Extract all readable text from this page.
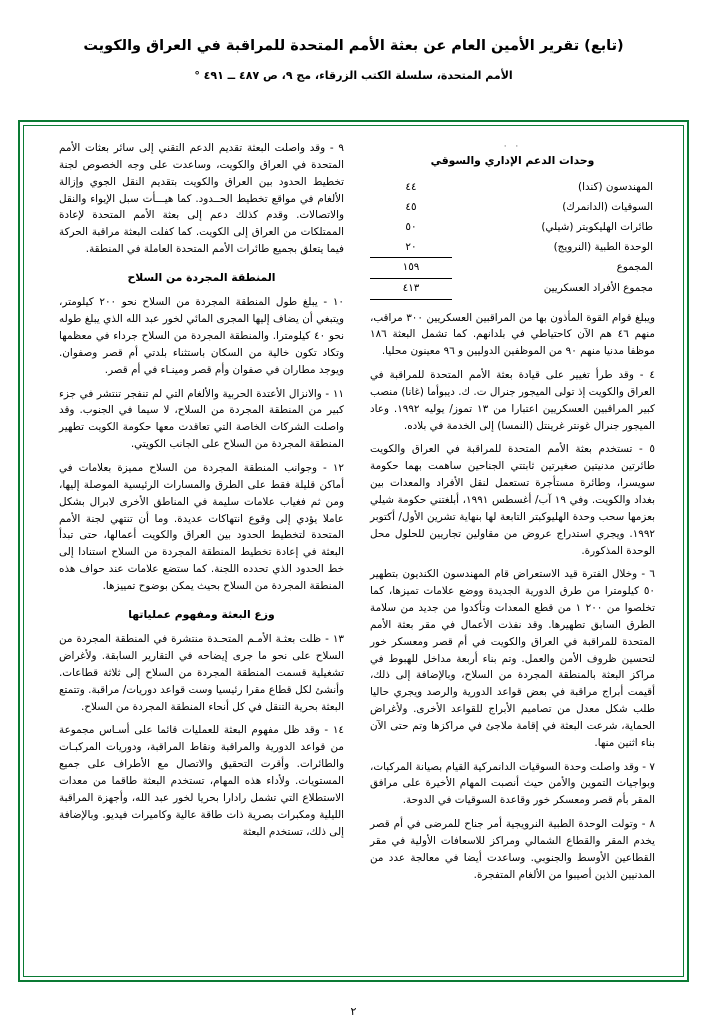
(تابع) تقرير الأمين العام عن بعثة الأمم المتحدة للمراقبة في العراق والكويت
الأمم المتحدة، سلسلة الكتب الزرقاء، مج ٩، ص ٤٨٧ ــ ٤٩١ °
· ·
وحدات الدعم الإداري والسوقي
المهندسون (كندا)	٤٤
السوقيات (الدانمرك)	٤٥
طائرات الهليكوبتر (شيلي)	٥٠
الوحدة الطبية (النرويج)	٢٠
المجموع	١٥٩
مجموع الأفراد العسكريين	٤١٣

ويبلغ قوام القوة المأذون بها من المراقبين العسكريين ٣٠٠ مراقب، منهم ٤٦ هم الآن كاحتياطي في بلدانهم. كما تشمل البعثة ١٨٦ موظفا مدنيا منهم ٩٠ من الموظفين الدوليين و ٩٦ معينون محليا.

٤ - وقد طرأ تغيير على قيادة بعثة الأمم المتحدة للمراقبة في العراق والكويت إذ تولى الميجور جنرال ت. ك. ديبوأما (غانا) منصب كبير المراقبين العسكريين اعتبارا من ١٣ تموز/ يوليه ١٩٩٢. وعاد الميجور جنرال غونتر غرينتل (النمسا) إلى الخدمة في بلاده.

٥ - تستخدم بعثة الأمم المتحدة للمراقبة في العراق والكويت طائرتين مدنيتين صغيرتين ثابتتي الجناحين ساهمت بهما حكومة سويسرا، وطائرة مستأجرة تستعمل لنقل الأفراد والمعدات بين بغداد والكويت. وفي ١٩ آب/ أغسطس ١٩٩١، أبلغتني حكومة شيلي بعزمها سحب وحدة الهليوكبتر التابعة لها بنهاية تشرين الأول/ أكتوبر ١٩٩٢. ويجري استدراج عروض من مقاولين تجاريين للحلول محل الوحدة المذكورة.

٦ - وخلال الفترة قيد الاستعراض قام المهندسون الكنديون بتطهير ٥٠ كيلومترا من طرق الدورية الجديدة ووضع علامات تميزها، كما تخلصوا من ٢٠٠ ١ من قطع المعدات وتأكدوا من جديد من سلامة الطرق السابق تطهيرها. وقد نفذت الأعمال في مقر بعثة الأمم المتحدة للمراقبة في العراق والكويت في أم قصر ومعسكر خور لتحسين ظروف الأمن والعمل. وتم بناء أربعة مداخل للهبوط في مراكز البعثة بالمنطقة المجردة من السلاح، وبالإضافة إلى ذلك، أقيمت أبراج مراقبة في بعض قواعد الدورية والرصد ويجري حاليا طلب شكل معدل من تصاميم الأبراج للقواعد الأخرى. ولأغراض الحماية، شرعت البعثة في إقامة ملاجئ في مراكزها وتم حتى الآن بناء اثنين منها.

٧ - وقد واصلت وحدة السوقيات الدانمركية القيام بصيانة المركبات، وبواجيات التموين والأمن حيث أنصبت المهام الأخيرة على مرافق المقر بأم قصر ومعسكر خور وقاعدة السوقيات في الدوحة.

٨ - وتولت الوحدة الطبية النرويجية أمر جناح للمرضى في أم قصر يخدم المقر والقطاع الشمالي ومراكز للاسعافات الأولية في مقر القطاعين الأوسط والجنوبي. وساعدت أيضا في معالجة عدد من المدنيين الذين أصيبوا من الألغام المتفجرة.

٩ - وقد واصلت البعثة تقديم الدعم التقني إلى سائر بعثات الأمم المتحدة في العراق والكويت، وساعدت على وجه الخصوص لجنة تخطيط الحدود بين العراق والكويت بتقديم النقل الجوي وإزالة الألغام في مواقع تخطيط الحــدود. كما هيـــأت سبل الإيواء والنقل والاتصالات. وقدم كذلك دعم إلى بعثة الأمم المتحدة لإعادة الممتلكات من العراق إلى الكويت. كما كفلت البعثة مراقبة الحركة فيما يتعلق بجميع طائرات الأمم المتحدة العاملة في المنطقة.

المنطقة المجردة من السلاح

١٠ - يبلغ طول المنطقة المجردة من السلاح نحو ٢٠٠ كيلومتر، ويتبغي أن يضاف إليها المجرى المائي لخور عبد الله الذي يبلغ طوله نحو ٤٠ كيلومترا. والمنطقة المجردة من السلاح جرداء في معظمها وتكاد تكون خالية من السكان باستثناء بلدتي أم قصر وصفوان. ويوجد مطاران في صفوان وأم قصر ومينـاء في أم قصر.

١١ - والانزال الأعتدة الحربية والألغام التي لم تنفجر تنتشر في جزء كبير من المنطقة المجردة من السلاح، لا سيما في الجنوب. وقد واصلت الشركات الخاصة التي تعاقدت معها حكومة الكويت تطهير المنطقة المجردة من السلاح على الجانب الكويتي.

١٢ - وجوانب المنطقة المجردة من السلاح مميزة بعلامات في أماكن قليلة فقط على الطرق والمسارات الرئيسية الموصلة إليها، ومن ثم فغياب علامات سليمة في المناطق الأخرى لابرال بشكل عاملا يؤدي إلى وقوع انتهاكات عديدة. وما أن تنتهي لجنة الأمم المتحدة لتخطيط الحدود بين العراق والكويت أعمالها، حتى تبدأ البعثة في إعادة تخطيط المنطقة المجردة من السلاح استنادا إلى خط الحدود الذي تحدده اللجنة. كما ستضع علامات عند حواف هذه المنطقة المجردة من السلاح بحيث يمكن بوضوح تمييزها.

وزع البعثة ومفهوم عملياتها

١٣ - ظلت بعثـة الأمـم المتحـدة منتشرة في المنطقة المجردة من السلاح على نحو ما جرى إيضاحه في التقارير السابقة. ولأغراض تشغيلية قسمت المنطقة المجردة من السلاح إلى ثلاثة قطاعات. وأنشئ لكل قطاع مقرا رئيسيا وست قواعد دوريات/ مراقبة. وتتمتع البعثة بحرية التنقل في كل أنحاء المنطقة المجردة من السلاح.

١٤ - وقد ظل مفهوم البعثة للعمليات قائما على أسـاس مجموعة من قواعد الدورية والمراقبة ونقاط المراقبة، ودوريات المركبـات والطائرات. وأقرت التحقيق والاتصال مع الأطراف على جميع المستويات. ولأداء هذه المهام، تستخدم البعثة طاقما من معدات الاستطلاع التي تشمل رادارا بحريا لخور عبد الله، وأجهزة المراقبة الليلية ومكبرات بصرية ذات طاقة عالية وكاميرات فيديو. وبالإضافة إلى ذلك، تستخدم البعثة

٢
